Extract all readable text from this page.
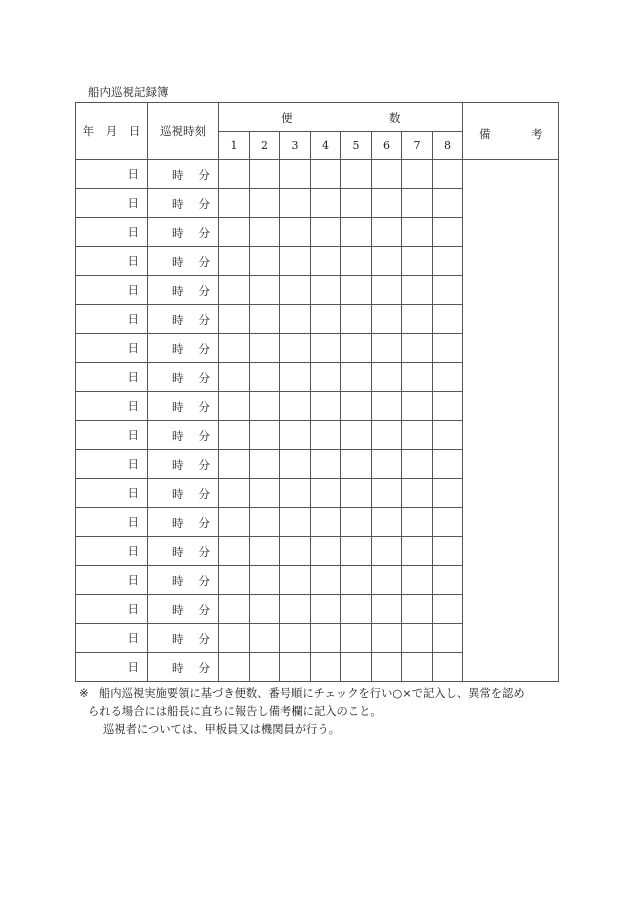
船内巡視記録簿
年 月 日	巡視時刻	便 数								備 考

		1	2	3	4	5	6	7	8	
日	時 分									

日	時 分									

日	時 分									

日	時 分									

日	時 分									

日	時 分									

日	時 分									

日	時 分									

日	時 分									

日	時 分									

日	時 分									

日	時 分									

日	時 分									

日	時 分									

日	時 分									

日	時 分									

日	時 分									

日	時 分									

※ 船内巡視実施要領に基づき便数、番号順にチェックを行い○×で記入し、異常を認め
られる場合には船長に直ちに報告し備考欄に記入のこと。
巡視者については、甲板員又は機関員が行う。
